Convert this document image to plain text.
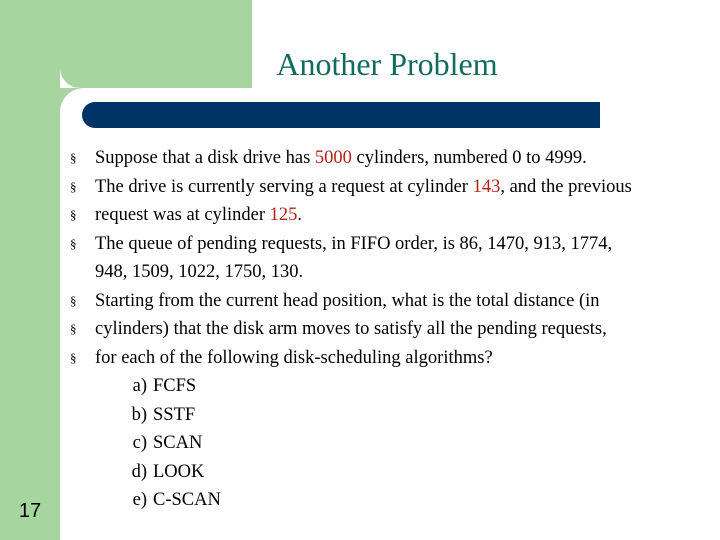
Another Problem
§	Suppose that a disk drive has 5000 cylinders, numbered 0 to 4999.
§	The drive is currently serving a request at cylinder 143, and the previous
§	request was at cylinder 125.
§	The queue of pending requests, in FIFO order, is 86, 1470, 913, 1774,
948, 1509, 1022, 1750, 130.
§	Starting from the current head position, what is the total distance (in
§	cylinders) that the disk arm moves to satisfy all the pending requests,
§	for each of the following disk-scheduling algorithms?
a) FCFS
b) SSTF
c) SCAN
d) LOOK
e) C-SCAN
17
